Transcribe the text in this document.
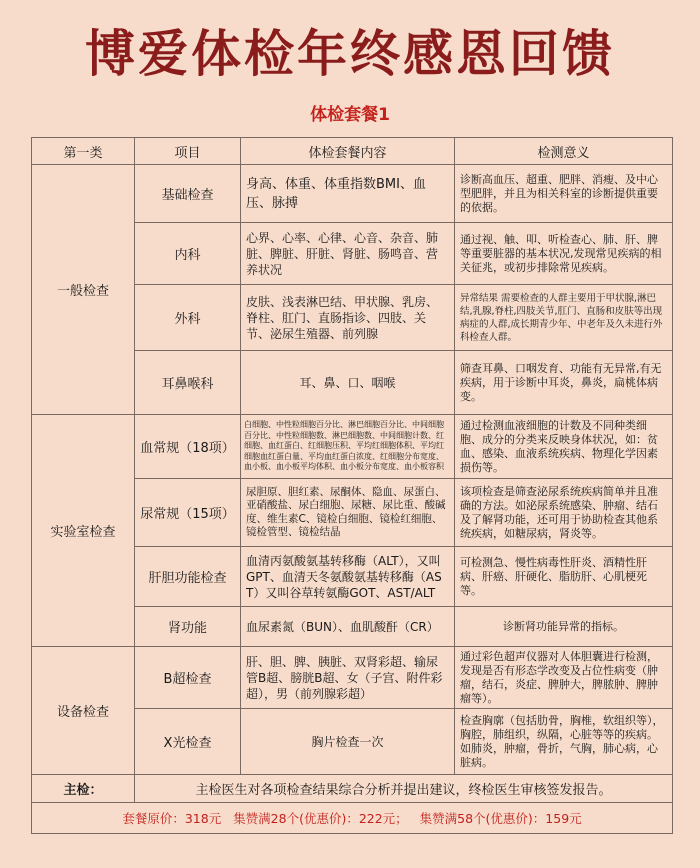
博爱体检年终感恩回馈
体检套餐1
第一类	项目	体检套餐内容	检测意义
一般检查	基础检查	身高、体重、体重指数BMI、血压、脉搏	诊断高血压、超重、肥胖、消瘦、及中心型肥胖，并且为相关科室的诊断提供重要的依据。
	内科	心界、心率、心律、心音、杂音、肺脏、脾脏、肝脏、肾脏、肠鸣音、营养状况	通过视、触、叩、听检查心、肺、肝、脾等重要脏器的基本状况,发现常见疾病的相关征兆，或初步排除常见疾病。
	外科	皮肤、浅表淋巴结、甲状腺、乳房、脊柱、肛门、直肠指诊、四肢、关节、泌尿生殖器、前列腺	异常结果 需要检查的人群主要用于甲状腺,淋巴结,乳腺,脊柱,四肢关节,肛门、直肠和皮肤等出现病症的人群,成长期青少年、中老年及久未进行外科检查人群。
	耳鼻喉科	耳、鼻、口、咽喉	筛查耳鼻、口咽发育、功能有无异常,有无疾病，用于诊断中耳炎，鼻炎，扁桃体病变。
实验室检查	血常规（18项）	白细胞、中性粒细胞百分比、淋巴细胞百分比、中间细胞百分比、中性粒细胞数、淋巴细胞数、中间细胞计数、红细胞、血红蛋白、红细胞压积、平均红细胞体积、平均红细胞血红蛋白量、平均血红蛋白浓度、红细胞分布宽度、血小板、血小板平均体积、血小板分布宽度、血小板容积	通过检测血液细胞的计数及不同种类细胞、成分的分类来反映身体状况，如：贫血、感染、血液系统疾病、物理化学因素损伤等。
	尿常规（15项）	尿胆原、胆红素、尿酮体、隐血、尿蛋白、亚硝酸盐、尿白细胞、尿糖、尿比重、酸碱度、维生素C、镜检白细胞、镜检红细胞、镜检管型、镜检结晶	该项检查是筛查泌尿系统疾病简单并且准确的方法。如泌尿系统感染、肿瘤、结石及了解肾功能，还可用于协助检查其他系统疾病，如糖尿病，肾炎等。
	肝胆功能检查	血清丙氨酸氨基转移酶（ALT），又叫GPT、血清天冬氨酸氨基转移酶（AST）又叫谷草转氨酶GOT、AST/ALT	可检测急、慢性病毒性肝炎、酒精性肝病、肝癌、肝硬化、脂肪肝、心肌梗死等。
	肾功能	血尿素氮（BUN）、血肌酸酐（CR）	诊断肾功能异常的指标。
设备检查	B超检查	肝、胆、脾、胰脏、双肾彩超、输尿管B超、膀胱B超、女（子宫、附件彩超），男（前列腺彩超）	通过彩色超声仪器对人体胆囊进行检测，发现是否有形态学改变及占位性病变（肿瘤，结石，炎症、脾肿大，脾脓肿、脾肿瘤等）。
	X光检查	胸片检查一次	检查胸廓（包括肋骨，胸椎，软组织等），胸腔，肺组织，纵隔，心脏等等的疾病。如肺炎，肿瘤，骨折，气胸，肺心病，心脏病。
主检：	主检医生对各项检查结果综合分析并提出建议，终检医生审核签发报告。		
套餐原价：318元 集赞满28个(优惠价)：222元； 集赞满58个(优惠价)：159元			
